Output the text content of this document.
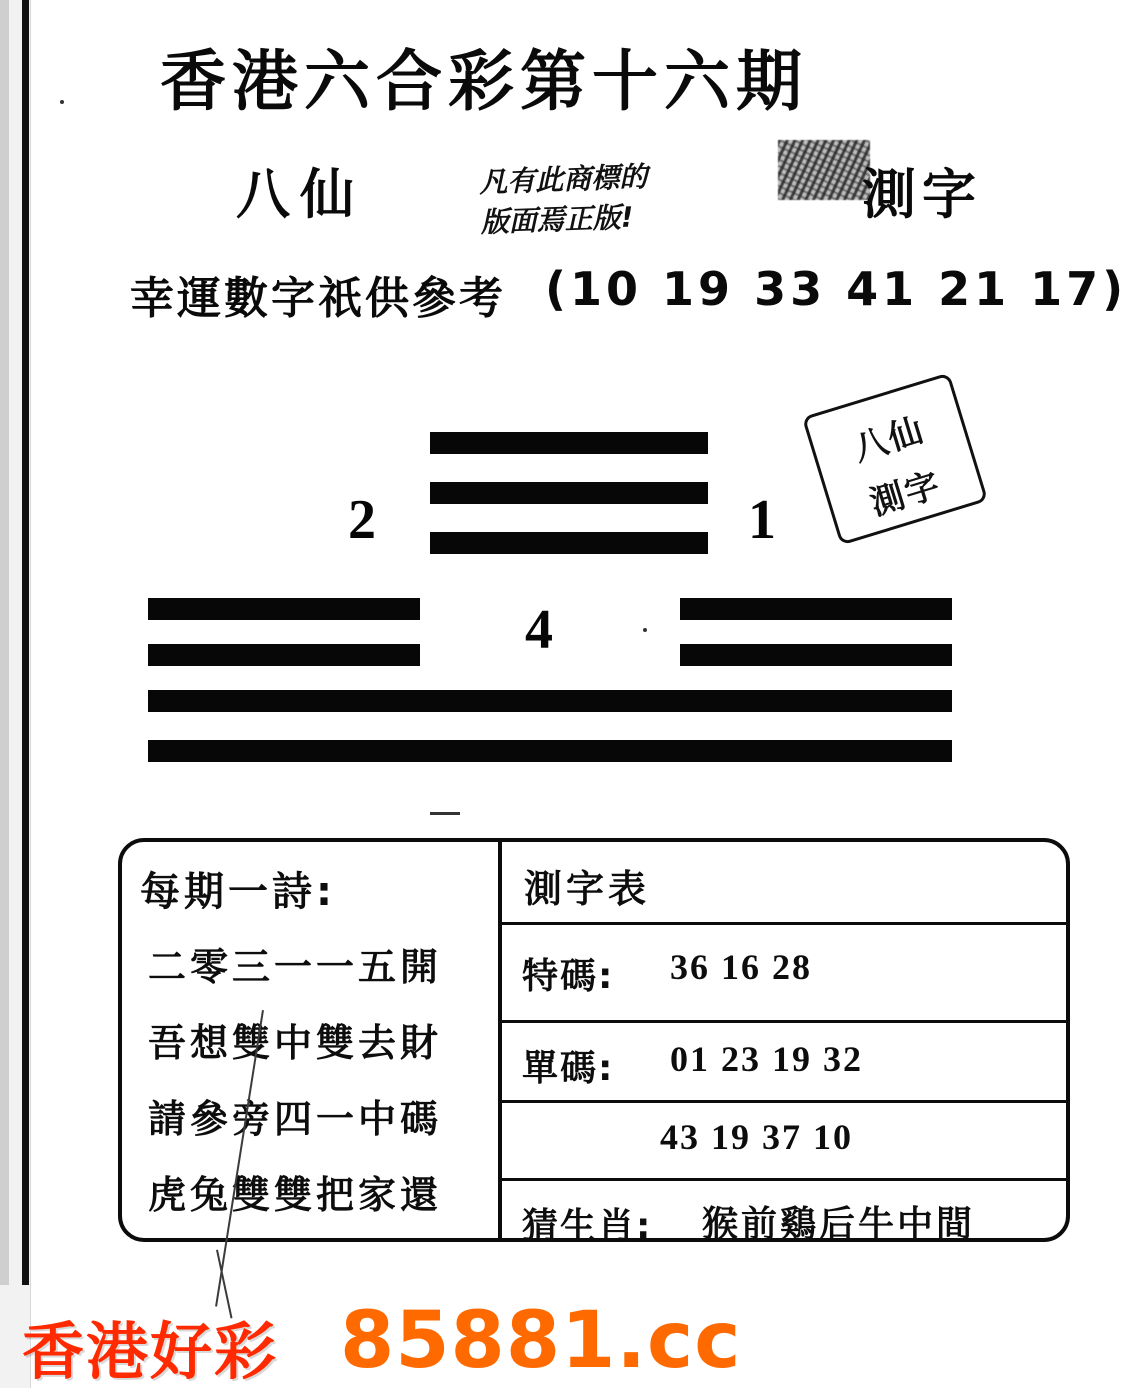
香港六合彩第十六期
八仙	凡有此商標的
版面焉正版!	測字
幸運數字祇供參考 (10 19 33 41 21 17)
2	1
4
八仙
測字
每期一詩:
二零三一一五開
吾想雙中雙去財
請參旁四一中碼
虎兔雙雙把家還
測字表
特碼: 36 16 28
單碼: 01 23 19 32
43 19 37 10
猜生肖: 猴前鷄后牛中間
香港好彩 85881.cc
